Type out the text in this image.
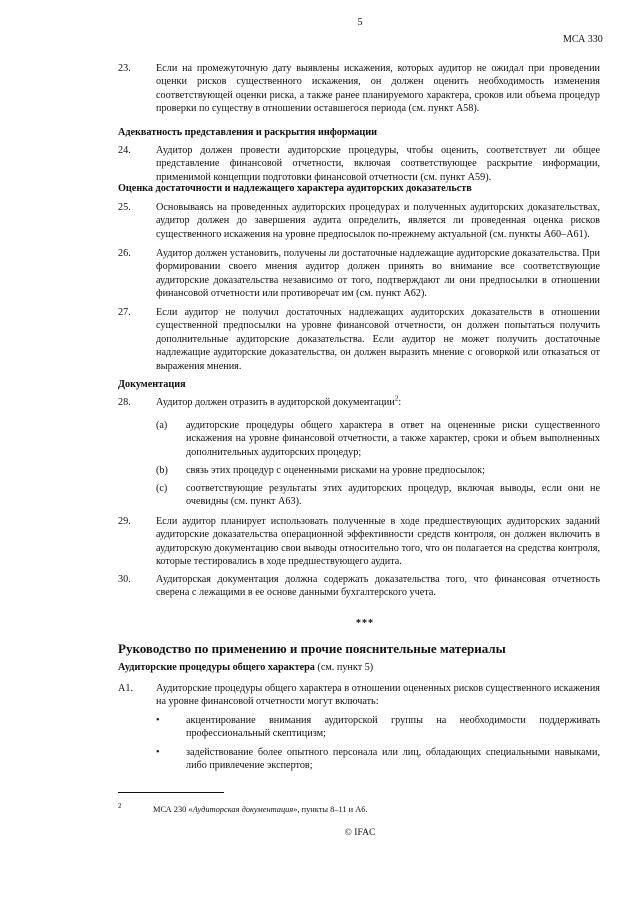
5
МСА 330
23.	Если на промежуточную дату выявлены искажения, которых аудитор не ожидал при проведении оценки рисков существенного искажения, он должен оценить необходимость изменения соответствующей оценки риска, а также ранее планируемого характера, сроков или объема процедур проверки по существу в отношении оставшегося периода (см. пункт A58).
Адекватность представления и раскрытия информации
24.	Аудитор должен провести аудиторские процедуры, чтобы оценить, соответствует ли общее представление финансовой отчетности, включая соответствующее раскрытие информации, применимой концепции подготовки финансовой отчетности (см. пункт A59).
Оценка достаточности и надлежащего характера аудиторских доказательств
25.	Основываясь на проведенных аудиторских процедурах и полученных аудиторских доказательствах, аудитор должен до завершения аудита определить, является ли проведенная оценка рисков существенного искажения на уровне предпосылок по-прежнему актуальной (см. пункты A60–A61).
26.	Аудитор должен установить, получены ли достаточные надлежащие аудиторские доказательства. При формировании своего мнения аудитор должен принять во внимание все соответствующие аудиторские доказательства независимо от того, подтверждают ли они предпосылки в отношении финансовой отчетности или противоречат им (см. пункт A62).
27.	Если аудитор не получил достаточных надлежащих аудиторских доказательств в отношении существенной предпосылки на уровне финансовой отчетности, он должен попытаться получить дополнительные аудиторские доказательства. Если аудитор не может получить достаточные надлежащие аудиторские доказательства, он должен выразить мнение с оговоркой или отказаться от выражения мнения.
Документация
28.	Аудитор должен отразить в аудиторской документации$^2$:
(a) аудиторские процедуры общего характера в ответ на оцененные риски существенного искажения на уровне финансовой отчетности, а также характер, сроки и объем выполненных дополнительных аудиторских процедур;
(b) связь этих процедур с оцененными рисками на уровне предпосылок;
(c) соответствующие результаты этих аудиторских процедур, включая выводы, если они не очевидны (см. пункт A63).
29.	Если аудитор планирует использовать полученные в ходе предшествующих аудиторских заданий аудиторские доказательства операционной эффективности средств контроля, он должен включить в аудиторскую документацию свои выводы относительно того, что он полагается на средства контроля, которые тестировались в ходе предшествующего аудита.
30.	Аудиторская документация должна содержать доказательства того, что финансовая отчетность сверена с лежащими в ее основе данными бухгалтерского учета.
***
Руководство по применению и прочие пояснительные материалы
Аудиторские процедуры общего характера (см. пункт 5)
A1.	Аудиторские процедуры общего характера в отношении оцененных рисков существенного искажения на уровне финансовой отчетности могут включать:
•	акцентирование внимания аудиторской группы на необходимости поддерживать профессиональный скептицизм;
•	задействование более опытного персонала или лиц, обладающих специальными навыками, либо привлечение экспертов;
2	МСА 230 «Аудиторская документация», пункты 8–11 и A6.
© IFAC
